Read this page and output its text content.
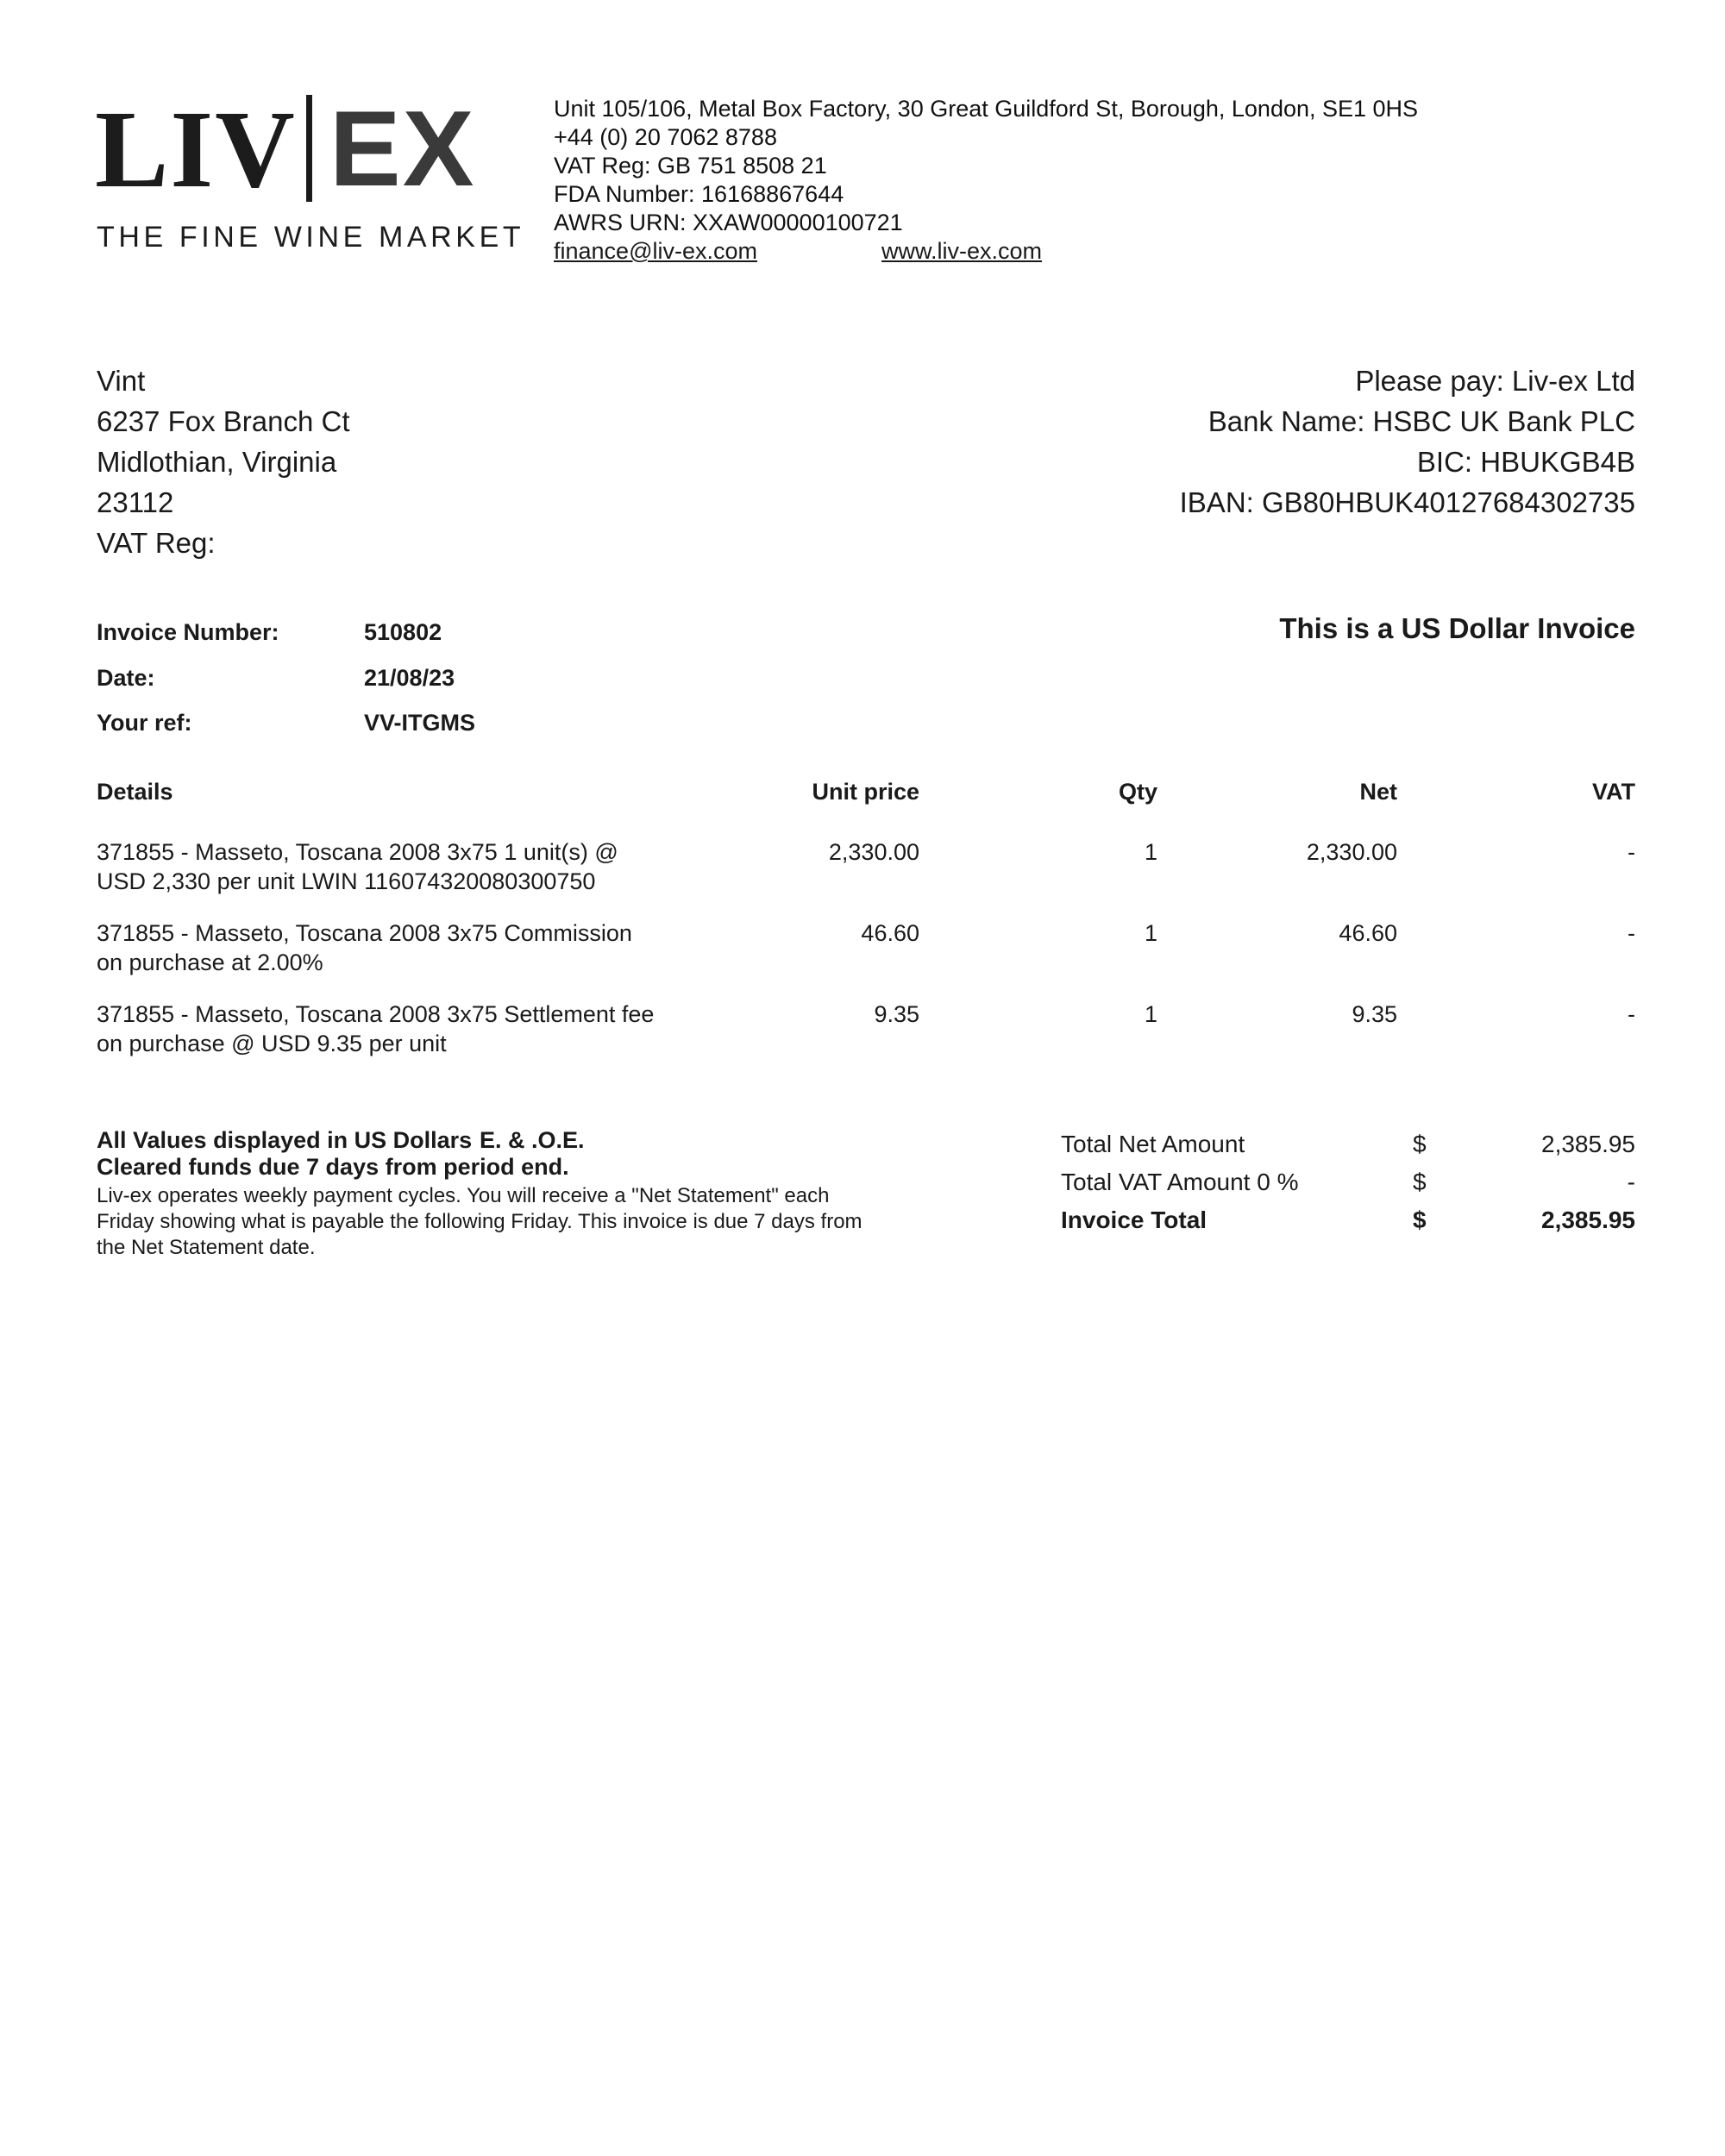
LIV EX
THE FINE WINE MARKET
Unit 105/106, Metal Box Factory, 30 Great Guildford St, Borough, London, SE1 0HS
+44 (0) 20 7062 8788
VAT Reg: GB 751 8508 21
FDA Number: 16168867644
AWRS URN: XXAW00000100721
finance@liv-ex.com	www.liv-ex.com
Vint
6237 Fox Branch Ct
Midlothian, Virginia
23112
VAT Reg:
Please pay: Liv-ex Ltd
Bank Name: HSBC UK Bank PLC
BIC: HBUKGB4B
IBAN: GB80HBUK40127684302735
Invoice Number:	510802
Date:	21/08/23
Your ref:	VV-ITGMS
This is a US Dollar Invoice
Details	Unit price	Qty	Net	VAT
371855 - Masseto, Toscana 2008 3x75 1 unit(s) @
USD 2,330 per unit LWIN 116074320080300750
2,330.00	1	2,330.00	-
371855 - Masseto, Toscana 2008 3x75 Commission
on purchase at 2.00%
46.60	1	46.60	-
371855 - Masseto, Toscana 2008 3x75 Settlement fee
on purchase @ USD 9.35 per unit
9.35	1	9.35	-
All Values displayed in US Dollars E. & .O.E.
Cleared funds due 7 days from period end.
Liv-ex operates weekly payment cycles. You will receive a "Net Statement" each Friday showing what is payable the following Friday. This invoice is due 7 days from the Net Statement date.
Total Net Amount	$	2,385.95
Total VAT Amount 0 %	$	-
Invoice Total	$	2,385.95
